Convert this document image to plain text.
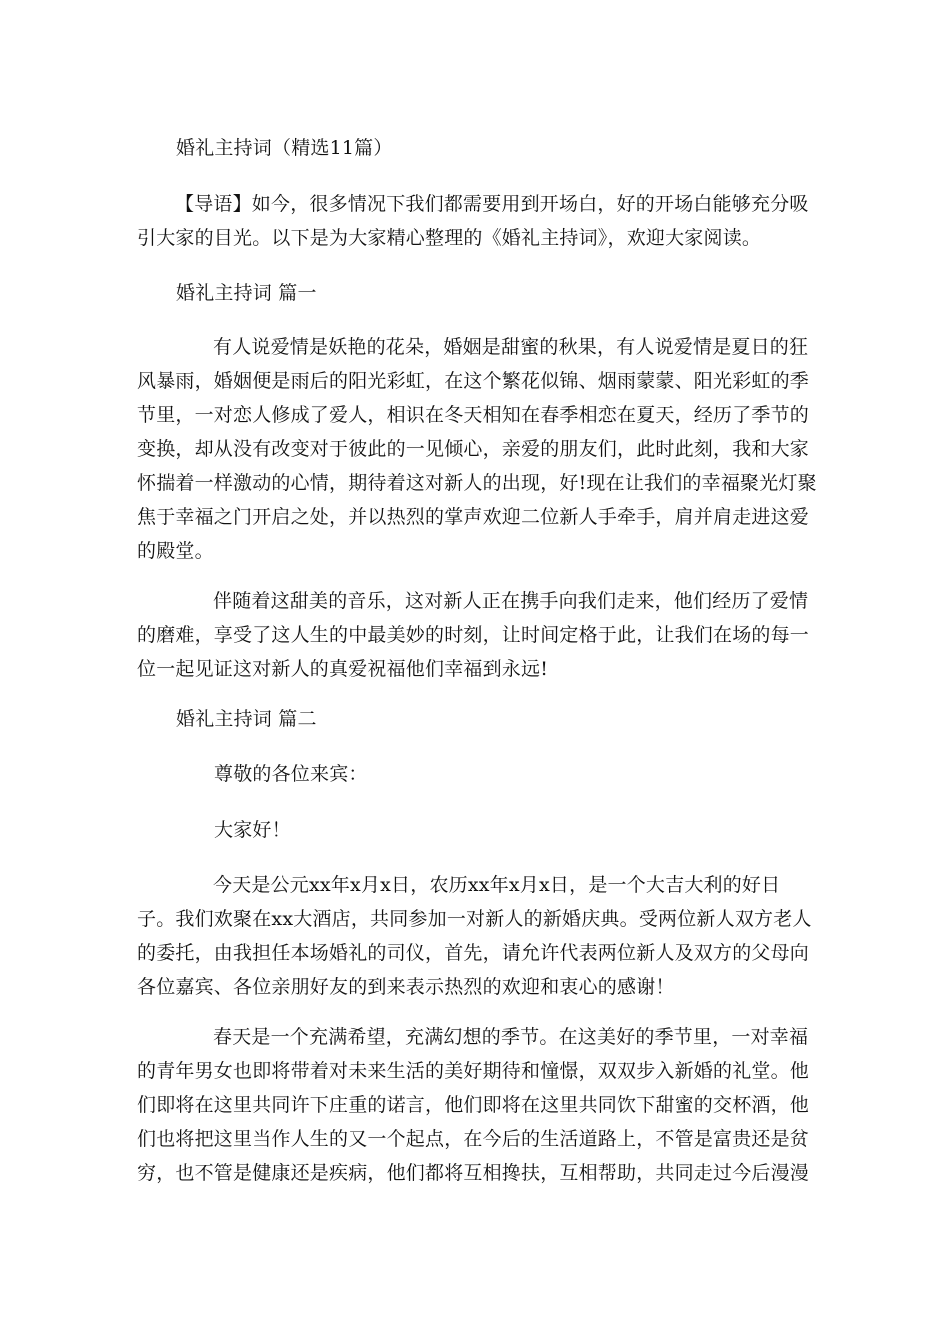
婚礼主持词（精选11篇）
【导语】如今，很多情况下我们都需要用到开场白，好的开场白能够充分吸引大家的目光。以下是为大家精心整理的《婚礼主持词》，欢迎大家阅读。
婚礼主持词 篇一
有人说爱情是妖艳的花朵，婚姻是甜蜜的秋果，有人说爱情是夏日的狂风暴雨，婚姻便是雨后的阳光彩虹，在这个繁花似锦、烟雨蒙蒙、阳光彩虹的季节里，一对恋人修成了爱人，相识在冬天相知在春季相恋在夏天，经历了季节的变换，却从没有改变对于彼此的一见倾心，亲爱的朋友们，此时此刻，我和大家怀揣着一样激动的心情，期待着这对新人的出现，好!现在让我们的幸福聚光灯聚焦于幸福之门开启之处，并以热烈的掌声欢迎二位新人手牵手，肩并肩走进这爱的殿堂。
伴随着这甜美的音乐，这对新人正在携手向我们走来，他们经历了爱情的磨难，享受了这人生的中最美妙的时刻，让时间定格于此，让我们在场的每一位一起见证这对新人的真爱祝福他们幸福到永远!
婚礼主持词 篇二
尊敬的各位来宾：
大家好！
今天是公元xx年x月x日，农历xx年x月x日，是一个大吉大利的好日子。我们欢聚在xx大酒店，共同参加一对新人的新婚庆典。受两位新人双方老人的委托，由我担任本场婚礼的司仪，首先，请允许代表两位新人及双方的父母向各位嘉宾、各位亲朋好友的到来表示热烈的欢迎和衷心的感谢！
春天是一个充满希望，充满幻想的季节。在这美好的季节里，一对幸福的青年男女也即将带着对未来生活的美好期待和憧憬，双双步入新婚的礼堂。他们即将在这里共同许下庄重的诺言，他们即将在这里共同饮下甜蜜的交杯酒，他们也将把这里当作人生的又一个起点，在今后的生活道路上，不管是富贵还是贫穷，也不管是健康还是疾病，他们都将互相搀扶，互相帮助，共同走过今后漫漫
